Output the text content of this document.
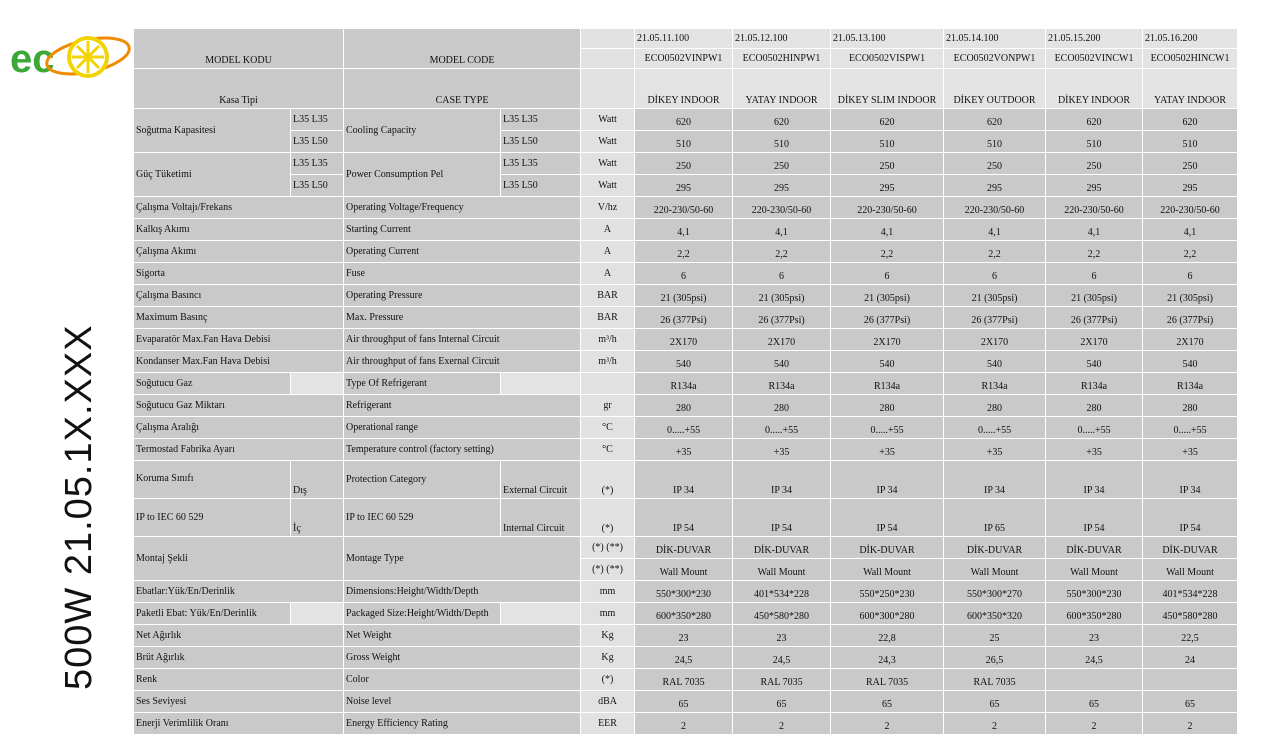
ec
500W 21.05.1X.XXX
MODEL KODU		MODEL CODE			21.05.11.100	21.05.12.100	21.05.13.100	21.05.14.100	21.05.15.200	21.05.16.200
					ECO0502VINPW1	ECO0502HINPW1	ECO0502VISPW1	ECO0502VONPW1	ECO0502VINCW1	ECO0502HINCW1
Kasa Tipi		CASE TYPE			DİKEY INDOOR	YATAY INDOOR	DİKEY SLIM INDOOR	DİKEY OUTDOOR	DİKEY INDOOR	YATAY INDOOR
Soğutma Kapasitesi	L35 L35	Cooling Capacity	L35 L35	Watt	620	620	620	620	620	620
	L35 L50		L35 L50	Watt	510	510	510	510	510	510
Güç Tüketimi	L35 L35	Power Consumption Pel	L35 L35	Watt	250	250	250	250	250	250
	L35 L50		L35 L50	Watt	295	295	295	295	295	295
Çalışma Voltajı/Frekans		Operating Voltage/Frequency		V/hz	220-230/50-60	220-230/50-60	220-230/50-60	220-230/50-60	220-230/50-60	220-230/50-60
Kalkış Akımı		Starting Current		A	4,1	4,1	4,1	4,1	4,1	4,1
Çalışma Akımı		Operating Current		A	2,2	2,2	2,2	2,2	2,2	2,2
Sigorta		Fuse		A	6	6	6	6	6	6
Çalışma Basıncı		Operating Pressure		BAR	21 (305psi)	21 (305psi)	21 (305psi)	21 (305psi)	21 (305psi)	21 (305psi)
Maximum Basınç		Max. Pressure		BAR	26 (377Psi)	26 (377Psi)	26 (377Psi)	26 (377Psi)	26 (377Psi)	26 (377Psi)
Evaparatör Max.Fan Hava Debisi		Air throughput of fans Internal Circuit		m³/h	2X170	2X170	2X170	2X170	2X170	2X170
Kondanser Max.Fan Hava Debisi		Air throughput of fans Exernal Circuit		m³/h	540	540	540	540	540	540
Soğutucu Gaz		Type Of Refrigerant			R134a	R134a	R134a	R134a	R134a	R134a
Soğutucu Gaz Miktarı		Refrigerant		gr	280	280	280	280	280	280
Çalışma Aralığı		Operational range		°C	0.....+55	0.....+55	0.....+55	0.....+55	0.....+55	0.....+55
Termostad Fabrika Ayarı		Temperature control (factory setting)		°C	+35	+35	+35	+35	+35	+35
Koruma Sınıfı	Dış	Protection Category	External Circuit	(*)	IP 34	IP 34	IP 34	IP 34	IP 34	IP 34
IP to IEC 60 529	İç	IP to IEC 60 529	Internal Circuit	(*)	IP 54	IP 54	IP 54	IP 65	IP 54	IP 54
Montaj Şekli		Montage Type		(*) (**)	DİK-DUVAR	DİK-DUVAR	DİK-DUVAR	DİK-DUVAR	DİK-DUVAR	DİK-DUVAR
				(*) (**)	Wall Mount	Wall Mount	Wall Mount	Wall Mount	Wall Mount	Wall Mount
Ebatlar:Yük/En/Derinlik		Dimensions:Height/Width/Depth		mm	550*300*230	401*534*228	550*250*230	550*300*270	550*300*230	401*534*228
Paketli Ebat: Yük/En/Derinlik		Packaged Size:Height/Width/Depth		mm	600*350*280	450*580*280	600*300*280	600*350*320	600*350*280	450*580*280
Net Ağırlık		Net Weight		Kg	23	23	22,8	25	23	22,5
Brüt Ağırlık		Gross Weight		Kg	24,5	24,5	24,3	26,5	24,5	24
Renk		Color		(*)	RAL 7035	RAL 7035	RAL 7035	RAL 7035		
Ses Seviyesi		Noise level		dBA	65	65	65	65	65	65
Enerji Verimlilik Oranı		Energy Efficiency Rating		EER	2	2	2	2	2	2
